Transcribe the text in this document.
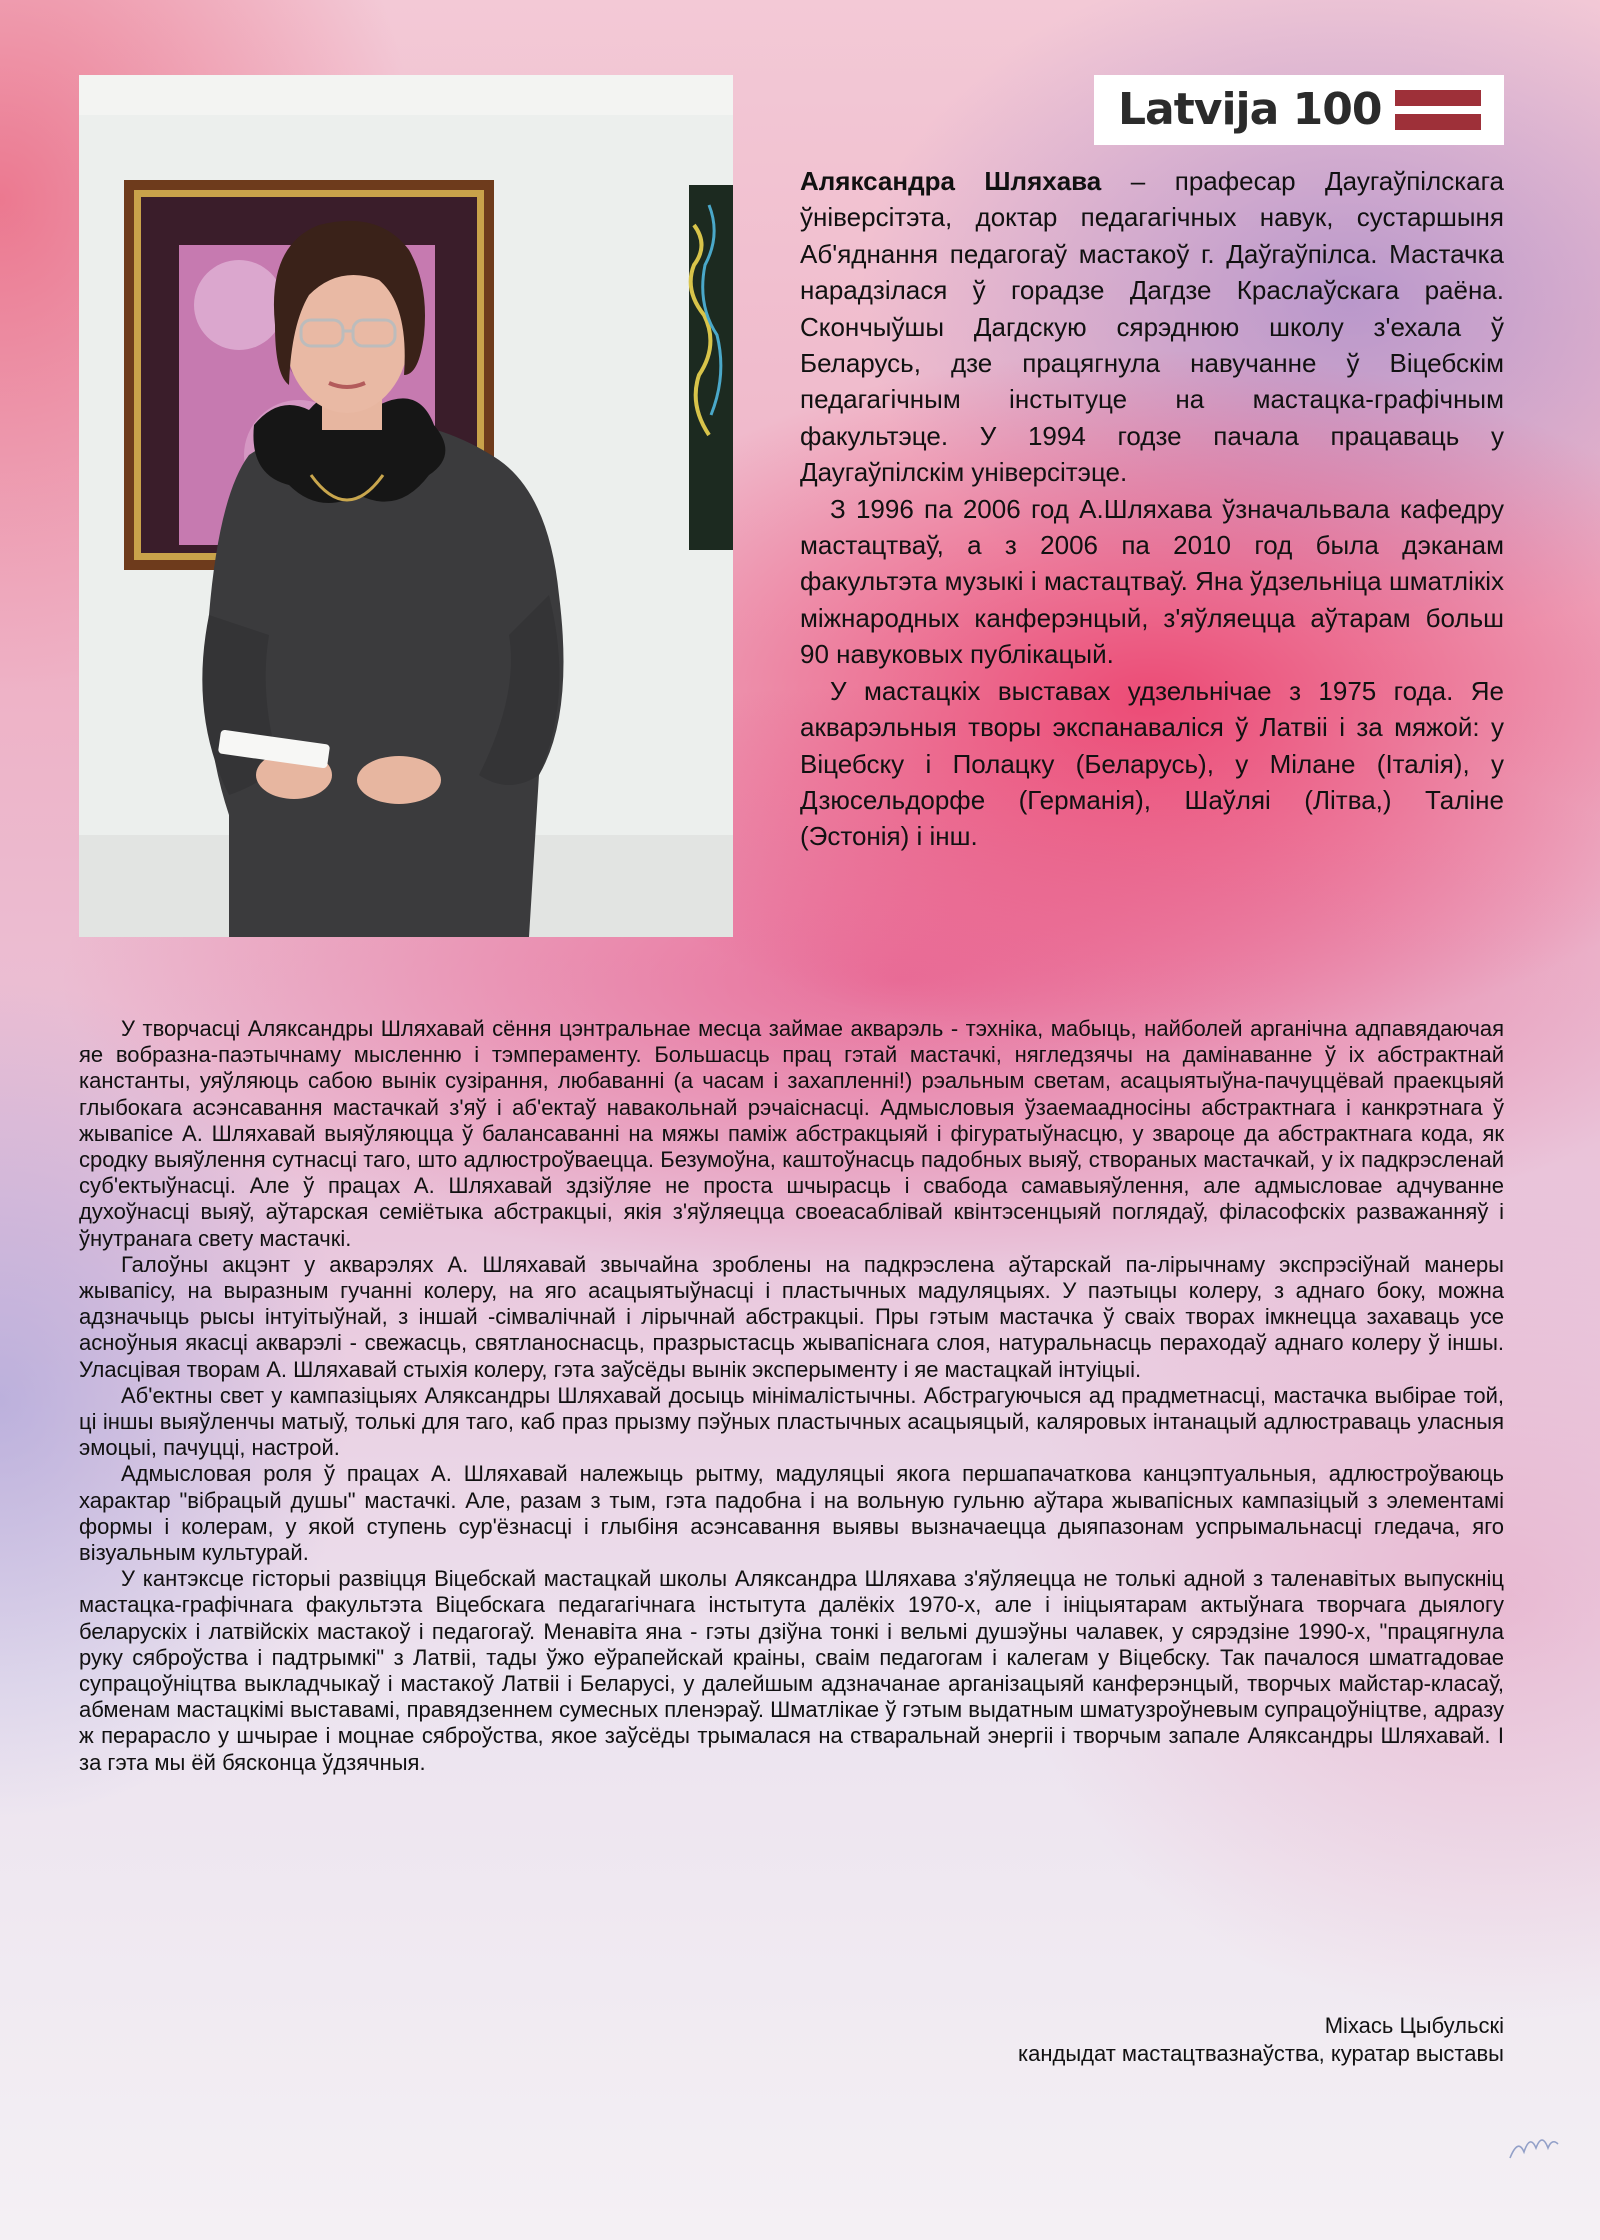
Latvija 100

Аляксандра Шляхава – прафесар Даугаўпілскага ўніверсітэта, доктар педагагічных навук, сустаршыня Аб'яднання педагогаў мастакоў г. Даўгаўпілса. Мастачка нарадзілася ў горадзе Дагдзе Краслаўскага раёна. Скончыўшы Дагдскую сярэднюю школу з'ехала ў Беларусь, дзе працягнула навучанне ў Віцебскім педагагічным інстытуце на мастацка-графічным факультэце. У 1994 годзе пачала працаваць у Даугаўпілскім універсітэце.

З 1996 па 2006 год А.Шляхава ўзначальвала кафедру мастацтваў, а з 2006 па 2010 год была дэканам факультэта музыкі і мастацтваў. Яна ўдзельніца шматлікіх міжнародных канферэнцый, з'яўляецца аўтарам больш 90 навуковых публікацый.

У мастацкіх выставах удзельнічае з 1975 года. Яе акварэльныя творы экспанаваліся ў Латвіі і за мяжой: у Віцебску і Полацку (Беларусь), у Мілане (Італія), у Дзюсельдорфе (Германія), Шаўляі (Літва,) Таліне (Эстонія) і інш.

У творчасці Аляксандры Шляхавай сёння цэнтральнае месца займае акварэль - тэхніка, мабыць, найболей арганічна адпавядаючая яе вобразна-паэтычнаму мысленню і тэмпераменту. Большасць прац гэтай мастачкі, нягледзячы на дамінаванне ў іх абстрактнай канстанты, уяўляюць сабою вынік сузірання, любаванні (а часам і захапленні!) рэальным светам, асацыятыўна-пачуццёвай праекцыяй глыбокага асэнсавання мастачкай з'яў і аб'ектаў навакольнай рэчаіснасці. Адмысловыя ўзаемаадносіны абстрактнага і канкрэтнага ў жывапісе А. Шляхавай выяўляюцца ў балансаванні на мяжы паміж абстракцыяй і фігуратыўнасцю, у звароце да абстрактнага кода, як сродку выяўлення сутнасці таго, што адлюстроўваецца. Безумоўна, каштоўнасць падобных выяў, створаных мастачкай, у іх падкрэсленай суб'ектыўнасці. Але ў працах А. Шляхавай здзіўляе не проста шчырасць і свабода самавыяўлення, але адмысловае адчуванне духоўнасці выяў, аўтарская семіётыка абстракцыі, якія з'яўляецца своеасаблівай квінтэсенцыяй поглядаў, філасофскіх разважанняў і ўнутранага свету мастачкі.

Галоўны акцэнт у акварэлях А. Шляхавай звычайна зроблены на падкрэслена аўтарскай па-лірычнаму экспрэсіўнай манеры жывапісу, на выразным гучанні колеру, на яго асацыятыўнасці і пластычных мадуляцыях. У паэтыцы колеру, з аднаго боку, можна адзначыць рысы інтуітыўнай, з іншай -сімвалічнай і лірычнай абстракцыі. Пры гэтым мастачка ў сваіх творах імкнецца захаваць усе асноўныя якасці акварэлі - свежасць, святланоснасць, празрыстасць жывапіснага слоя, натуральнасць пераходаў аднаго колеру ў іншы. Уласцівая творам А. Шляхавай стыхія колеру, гэта заўсёды вынік эксперыменту і яе мастацкай інтуіцыі.

Аб'ектны свет у кампазіцыях Аляксандры Шляхавай досыць мінімалістычны. Абстрагуючыся ад прадметнасці, мастачка выбірае той, ці іншы выяўленчы матыў, толькі для таго, каб праз прызму пэўных пластычных асацыяцый, каляровых інтанацый адлюстраваць уласныя эмоцыі, пачуцці, настрой.

Адмысловая роля ў працах А. Шляхавай належыць рытму, мадуляцыі якога першапачаткова канцэптуальныя, адлюстроўваюць характар "вібрацый душы" мастачкі. Але, разам з тым, гэта падобна і на вольную гульню аўтара жывапісных кампазіцый з элементамі формы і колерам, у якой ступень сур'ёзнасці і глыбіня асэнсавання выявы вызначаецца дыяпазонам успрымальнасці гледача, яго візуальным культурай.

У кантэксце гісторыі развіцця Віцебскай мастацкай школы Аляксандра Шляхава з'яўляецца не толькі адной з таленавітых выпускніц мастацка-графічнага факультэта Віцебскага педагагічнага інстытута далёкіх 1970-х, але і ініцыятарам актыўнага творчага дыялогу беларускіх і латвійскіх мастакоў і педагогаў. Менавіта яна - гэты дзіўна тонкі і вельмі душэўны чалавек, у сярэдзіне 1990-х, "працягнула руку сяброўства і падтрымкі" з Латвіі, тады ўжо еўрапейскай краіны, сваім педагогам і калегам у Віцебску. Так пачалося шматгадовае супрацоўніцтва выкладчыкаў і мастакоў Латвіі і Беларусі, у далейшым адзначанае арганізацыяй канферэнцый, творчых майстар-класаў, абменам мастацкімі выставамі, правядзеннем сумесных пленэраў. Шматлікае ў гэтым выдатным шматузроўневым супрацоўніцтве, адразу ж перарасло у шчырае і моцнае сяброўства, якое заўсёды трымалася на стваральнай энергіі і творчым запале Аляксандры Шляхавай. І за гэта мы ёй бясконца ўдзячныя.

Міхась Цыбульскі
кандыдат мастацтвазнаўства, куратар выставы
